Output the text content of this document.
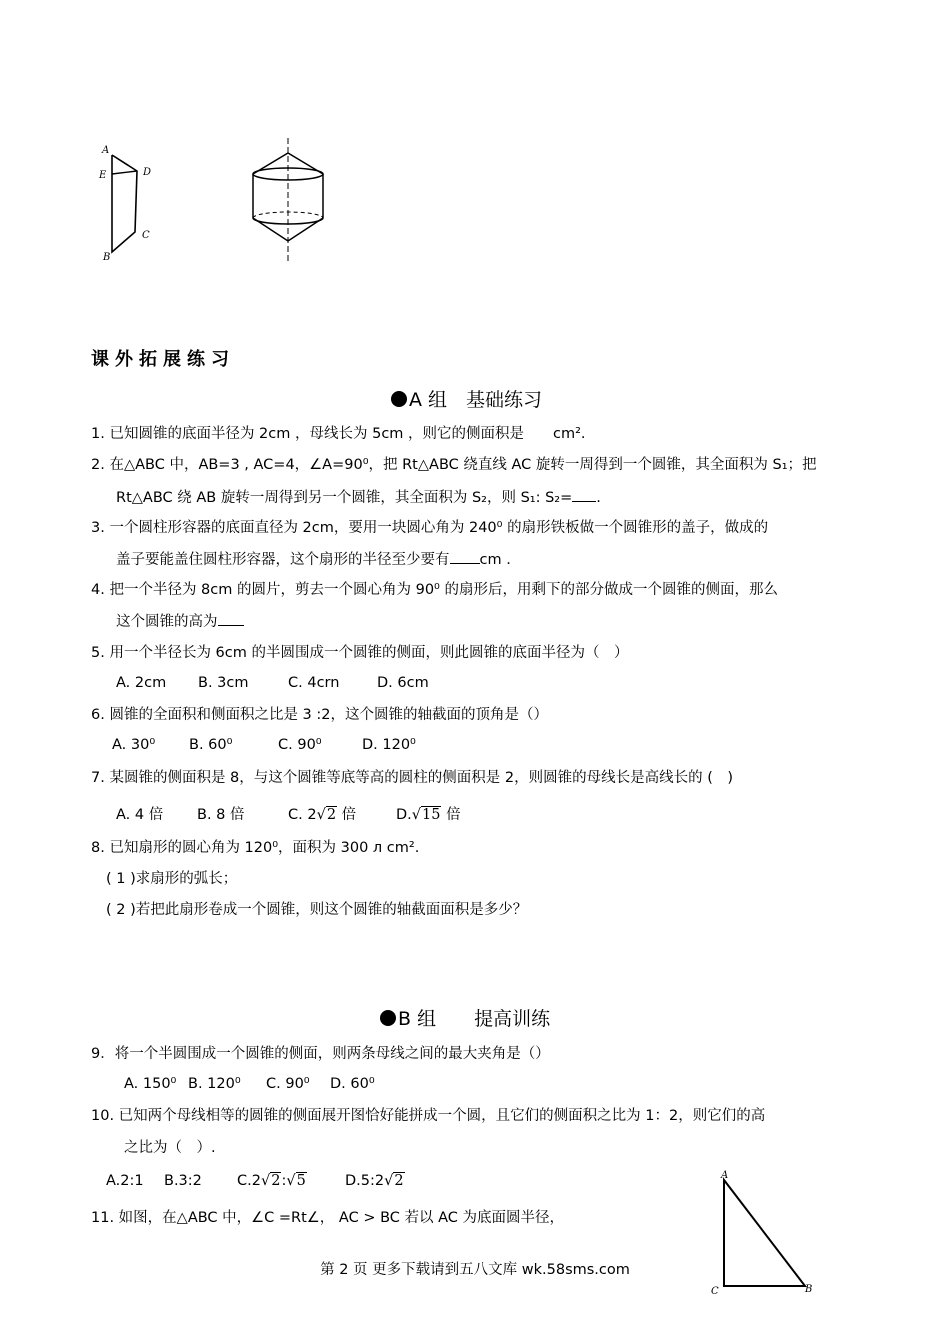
A
E	D
C
B
课外拓展练习
A 组　基础练习
1. 已知圆锥的底面半径为 2cm ，母线长为 5cm ，则它的侧面积是　　cm².
2. 在△ABC 中，AB=3 , AC=4，∠A=90⁰，把 Rt△ABC 绕直线 AC 旋转一周得到一个圆锥，其全面积为 S₁；把
Rt△ABC 绕 AB 旋转一周得到另一个圆锥，其全面积为 S₂，则 S₁: S₂= .
3. 一个圆柱形容器的底面直径为 2cm，要用一块圆心角为 240⁰ 的扇形铁板做一个圆锥形的盖子，做成的
盖子要能盖住圆柱形容器，这个扇形的半径至少要有 cm .
4. 把一个半径为 8cm 的圆片，剪去一个圆心角为 90⁰ 的扇形后，用剩下的部分做成一个圆锥的侧面，那么
这个圆锥的高为
5. 用一个半径长为 6cm 的半圆围成一个圆锥的侧面，则此圆锥的底面半径为（　）
A. 2cm B. 3cm	C. 4crn	D. 6cm
6. 圆锥的全面积和侧面积之比是 3 :2，这个圆锥的轴截面的顶角是（）
A. 30⁰ B. 60⁰	C. 90⁰	D. 120⁰
7. 某圆锥的侧面积是 8，与这个圆锥等底等高的圆柱的侧面积是 2，则圆锥的母线长是高线长的 (　)
A. 4 倍 B. 8 倍	C. 2√2 倍	D.√15 倍
8. 已知扇形的圆心角为 120⁰，面积为 300 л cm².
( 1 )求扇形的弧长；
( 2 )若把此扇形卷成一个圆锥，则这个圆锥的轴截面面积是多少？
B 组　　提高训练
9．将一个半圆围成一个圆锥的侧面，则两条母线之间的最大夹角是（）
A. 150⁰ B. 120⁰ C. 90⁰ D. 60⁰
10. 已知两个母线相等的圆锥的侧面展开图恰好能拼成一个圆，且它们的侧面积之比为 1：2，则它们的高
之比为（　）.
A.2:1 B.3:2 C.2√2:√5	D.5:2√2
11. 如图，在△ABC 中，∠C =Rt∠， AC > BC 若以 AC 为底面圆半径，
A
C	B
第 2 页 更多下载请到五八文库 wk.58sms.com
